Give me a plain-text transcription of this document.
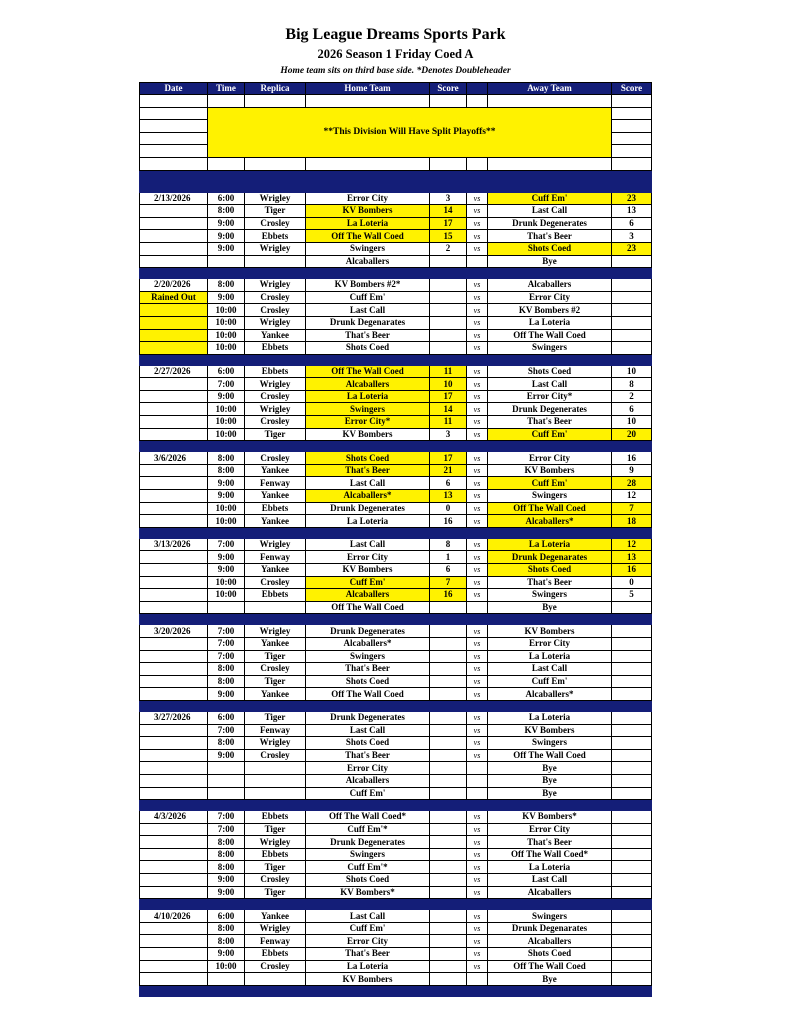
Big League Dreams Sports Park
2026 Season 1 Friday Coed A
Home team sits on third base side. *Denotes Doubleheader
Date	Time	Replica	Home Team	Score		Away Team	Score

	**This Division Will Have Split Playoffs**						

2/13/2026	6:00	Wrigley	Error City	3	vs	Cuff Em'	23
	8:00	Tiger	KV Bombers	14	vs	Last Call	13
	9:00	Crosley	La Loteria	17	vs	Drunk Degenerates	6
	9:00	Ebbets	Off The Wall Coed	15	vs	That's Beer	3
	9:00	Wrigley	Swingers	2	vs	Shots Coed	23
			Alcaballers			Bye	

2/20/2026	8:00	Wrigley	KV Bombers #2*		vs	Alcaballers	
Rained Out	9:00	Crosley	Cuff Em'		vs	Error City	
	10:00	Crosley	Last Call		vs	KV Bombers #2	
	10:00	Wrigley	Drunk Degenarates		vs	La Loteria	
	10:00	Yankee	That's Beer		vs	Off The Wall Coed	
	10:00	Ebbets	Shots Coed		vs	Swingers	

2/27/2026	6:00	Ebbets	Off The Wall Coed	11	vs	Shots Coed	10
	7:00	Wrigley	Alcaballers	10	vs	Last Call	8
	9:00	Crosley	La Loteria	17	vs	Error City*	2
	10:00	Wrigley	Swingers	14	vs	Drunk Degenerates	6
	10:00	Crosley	Error City*	11	vs	That's Beer	10
	10:00	Tiger	KV Bombers	3	vs	Cuff Em'	20

3/6/2026	8:00	Crosley	Shots Coed	17	vs	Error City	16
	8:00	Yankee	That's Beer	21	vs	KV Bombers	9
	9:00	Fenway	Last Call	6	vs	Cuff Em'	28
	9:00	Yankee	Alcaballers*	13	vs	Swingers	12
	10:00	Ebbets	Drunk Degenerates	0	vs	Off The Wall Coed	7
	10:00	Yankee	La Loteria	16	vs	Alcaballers*	18

3/13/2026	7:00	Wrigley	Last Call	8	vs	La Loteria	12
	9:00	Fenway	Error City	1	vs	Drunk Degenarates	13
	9:00	Yankee	KV Bombers	6	vs	Shots Coed	16
	10:00	Crosley	Cuff Em'	7	vs	That's Beer	0
	10:00	Ebbets	Alcaballers	16	vs	Swingers	5
			Off The Wall Coed			Bye	

3/20/2026	7:00	Wrigley	Drunk Degenerates		vs	KV Bombers	
	7:00	Yankee	Alcaballers*		vs	Error City	
	7:00	Tiger	Swingers		vs	La Loteria	
	8:00	Crosley	That's Beer		vs	Last Call	
	8:00	Tiger	Shots Coed		vs	Cuff Em'	
	9:00	Yankee	Off The Wall Coed		vs	Alcaballers*	

3/27/2026	6:00	Tiger	Drunk Degenerates		vs	La Loteria	
	7:00	Fenway	Last Call		vs	KV Bombers	
	8:00	Wrigley	Shots Coed		vs	Swingers	
	9:00	Crosley	That's Beer		vs	Off The Wall Coed	
			Error City			Bye	
			Alcaballers			Bye	
			Cuff Em'			Bye	

4/3/2026	7:00	Ebbets	Off The Wall Coed*		vs	KV Bombers*	
	7:00	Tiger	Cuff Em'*		vs	Error City	
	8:00	Wrigley	Drunk Degenerates		vs	That's Beer	
	8:00	Ebbets	Swingers		vs	Off The Wall Coed*	
	8:00	Tiger	Cuff Em'*		vs	La Loteria	
	9:00	Crosley	Shots Coed		vs	Last Call	
	9:00	Tiger	KV Bombers*		vs	Alcaballers	

4/10/2026	6:00	Yankee	Last Call		vs	Swingers	
	8:00	Wrigley	Cuff Em'		vs	Drunk Degenarates	
	8:00	Fenway	Error City		vs	Alcaballers	
	9:00	Ebbets	That's Beer		vs	Shots Coed	
	10:00	Crosley	La Loteria		vs	Off The Wall Coed	
			KV Bombers			Bye	
